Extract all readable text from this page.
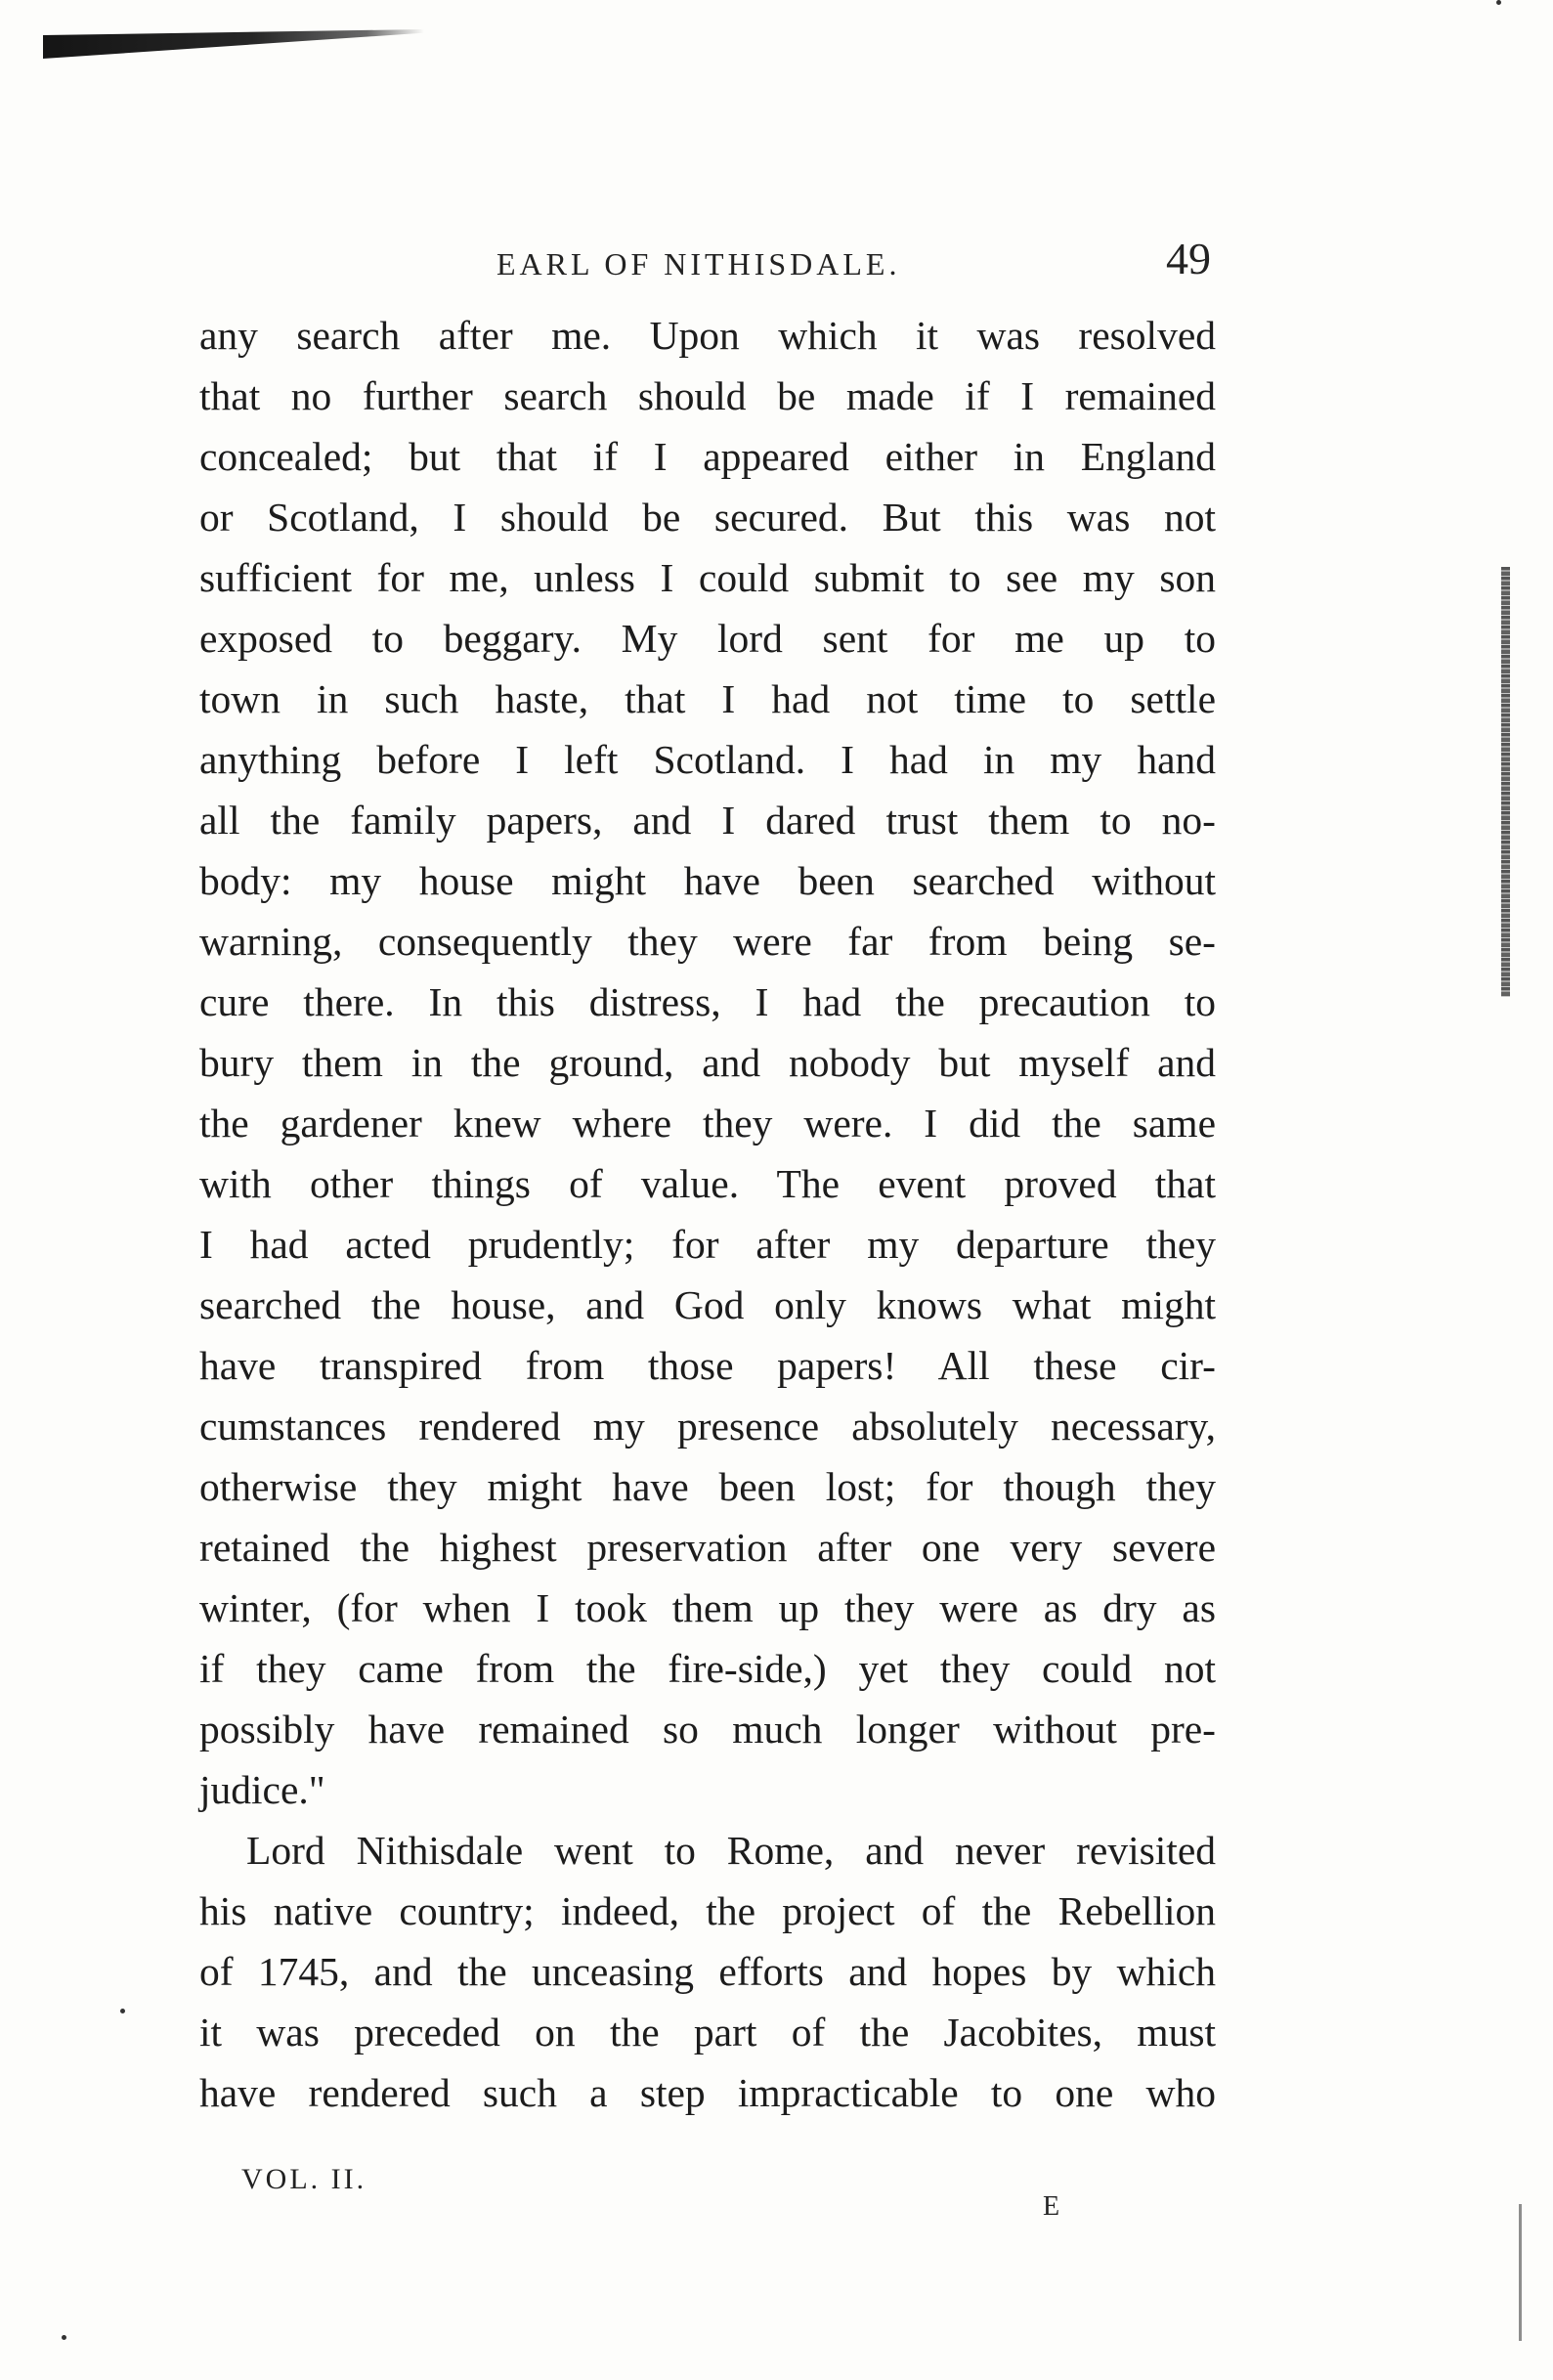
EARL OF NITHISDALE.	49
any search after me. Upon which it was resolved
that no further search should be made if I remained
concealed; but that if I appeared either in England
or Scotland, I should be secured. But this was not
sufficient for me, unless I could submit to see my son
exposed to beggary. My lord sent for me up to
town in such haste, that I had not time to settle
anything before I left Scotland. I had in my hand
all the family papers, and I dared trust them to no-
body: my house might have been searched without
warning, consequently they were far from being se-
cure there. In this distress, I had the precaution to
bury them in the ground, and nobody but myself and
the gardener knew where they were. I did the same
with other things of value. The event proved that
I had acted prudently; for after my departure they
searched the house, and God only knows what might
have transpired from those papers! All these cir-
cumstances rendered my presence absolutely necessary,
otherwise they might have been lost; for though they
retained the highest preservation after one very severe
winter, (for when I took them up they were as dry as
if they came from the fire-side,) yet they could not
possibly have remained so much longer without pre-
judice."
Lord Nithisdale went to Rome, and never revisited
his native country; indeed, the project of the Rebellion
of 1745, and the unceasing efforts and hopes by which
it was preceded on the part of the Jacobites, must
have rendered such a step impracticable to one who
VOL. II.
E
